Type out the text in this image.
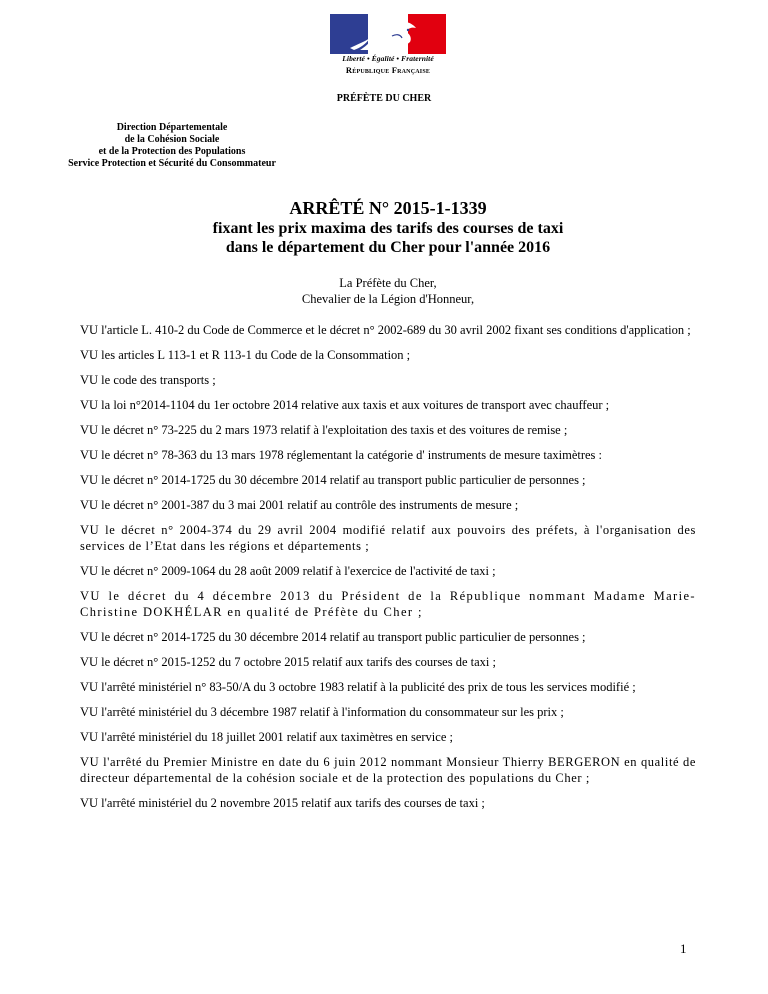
Liberté • Égalité • Fraternité
République Française
PRÉFÈTE DU CHER
Direction Départementale
de la Cohésion Sociale
et de la Protection des Populations
Service Protection et Sécurité du Consommateur
ARRÊTÉ N° 2015-1-1339
fixant les prix maxima des tarifs des courses de taxi
dans le département du Cher pour l'année 2016
La Préfète du Cher,
Chevalier de la Légion d'Honneur,

VU l'article L. 410-2 du Code de Commerce et le décret n° 2002-689 du 30 avril 2002 fixant ses conditions d'application ;

VU les articles L 113-1 et R 113-1 du Code de la Consommation ;

VU le code des transports ;

VU la loi n°2014-1104 du 1er octobre 2014 relative aux taxis et aux voitures de transport avec chauffeur ;

VU le décret n° 73-225 du 2 mars 1973 relatif à l'exploitation des taxis et des voitures de remise ;

VU le décret n° 78-363 du 13 mars 1978 réglementant la catégorie d' instruments de mesure taximètres :

VU le décret n° 2014-1725 du 30 décembre 2014 relatif au transport public particulier de personnes ;

VU le décret n° 2001-387 du 3 mai 2001 relatif au contrôle des instruments de mesure ;

VU le décret n° 2004-374 du 29 avril 2004 modifié relatif aux pouvoirs des préfets, à l'organisation des services de l’Etat dans les régions et départements ;

VU le décret n° 2009-1064 du 28 août 2009 relatif à l'exercice de l'activité de taxi ;

VU le décret du 4 décembre 2013 du Président de la République nommant Madame Marie-Christine DOKHÉLAR en qualité de Préfète du Cher ;

VU le décret n° 2014-1725 du 30 décembre 2014 relatif au transport public particulier de personnes ;

VU le décret n° 2015-1252 du 7 octobre 2015 relatif aux tarifs des courses de taxi ;

VU l'arrêté ministériel n° 83-50/A du 3 octobre 1983 relatif à la publicité des prix de tous les services modifié ;

VU l'arrêté ministériel du 3 décembre 1987 relatif à l'information du consommateur sur les prix ;

VU l'arrêté ministériel du 18 juillet 2001 relatif aux taximètres en service ;

VU l'arrêté du Premier Ministre en date du 6 juin 2012 nommant Monsieur Thierry BERGERON en qualité de directeur départemental de la cohésion sociale et de la protection des populations du Cher ;

VU l'arrêté ministériel du 2 novembre 2015 relatif aux tarifs des courses de taxi ;

1
